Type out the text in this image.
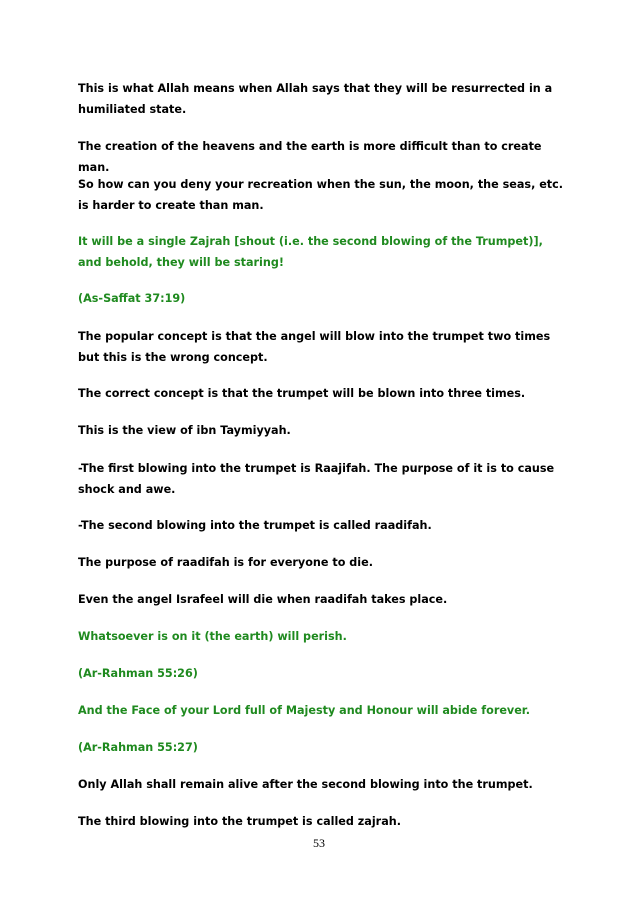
This is what Allah means when Allah says that they will be resurrected in a humiliated state.

The creation of the heavens and the earth is more difficult than to create man.

So how can you deny your recreation when the sun, the moon, the seas, etc. is harder to create than man.

It will be a single Zajrah [shout (i.e. the second blowing of the Trumpet)], and behold, they will be staring!

(As-Saffat 37:19)

The popular concept is that the angel will blow into the trumpet two times but this is the wrong concept.

The correct concept is that the trumpet will be blown into three times.

This is the view of ibn Taymiyyah.

-The first blowing into the trumpet is Raajifah. The purpose of it is to cause shock and awe.

-The second blowing into the trumpet is called raadifah.

The purpose of raadifah is for everyone to die.

Even the angel Israfeel will die when raadifah takes place.

Whatsoever is on it (the earth) will perish.

(Ar-Rahman 55:26)

And the Face of your Lord full of Majesty and Honour will abide forever.

(Ar-Rahman 55:27)

Only Allah shall remain alive after the second blowing into the trumpet.

The third blowing into the trumpet is called zajrah.

53
